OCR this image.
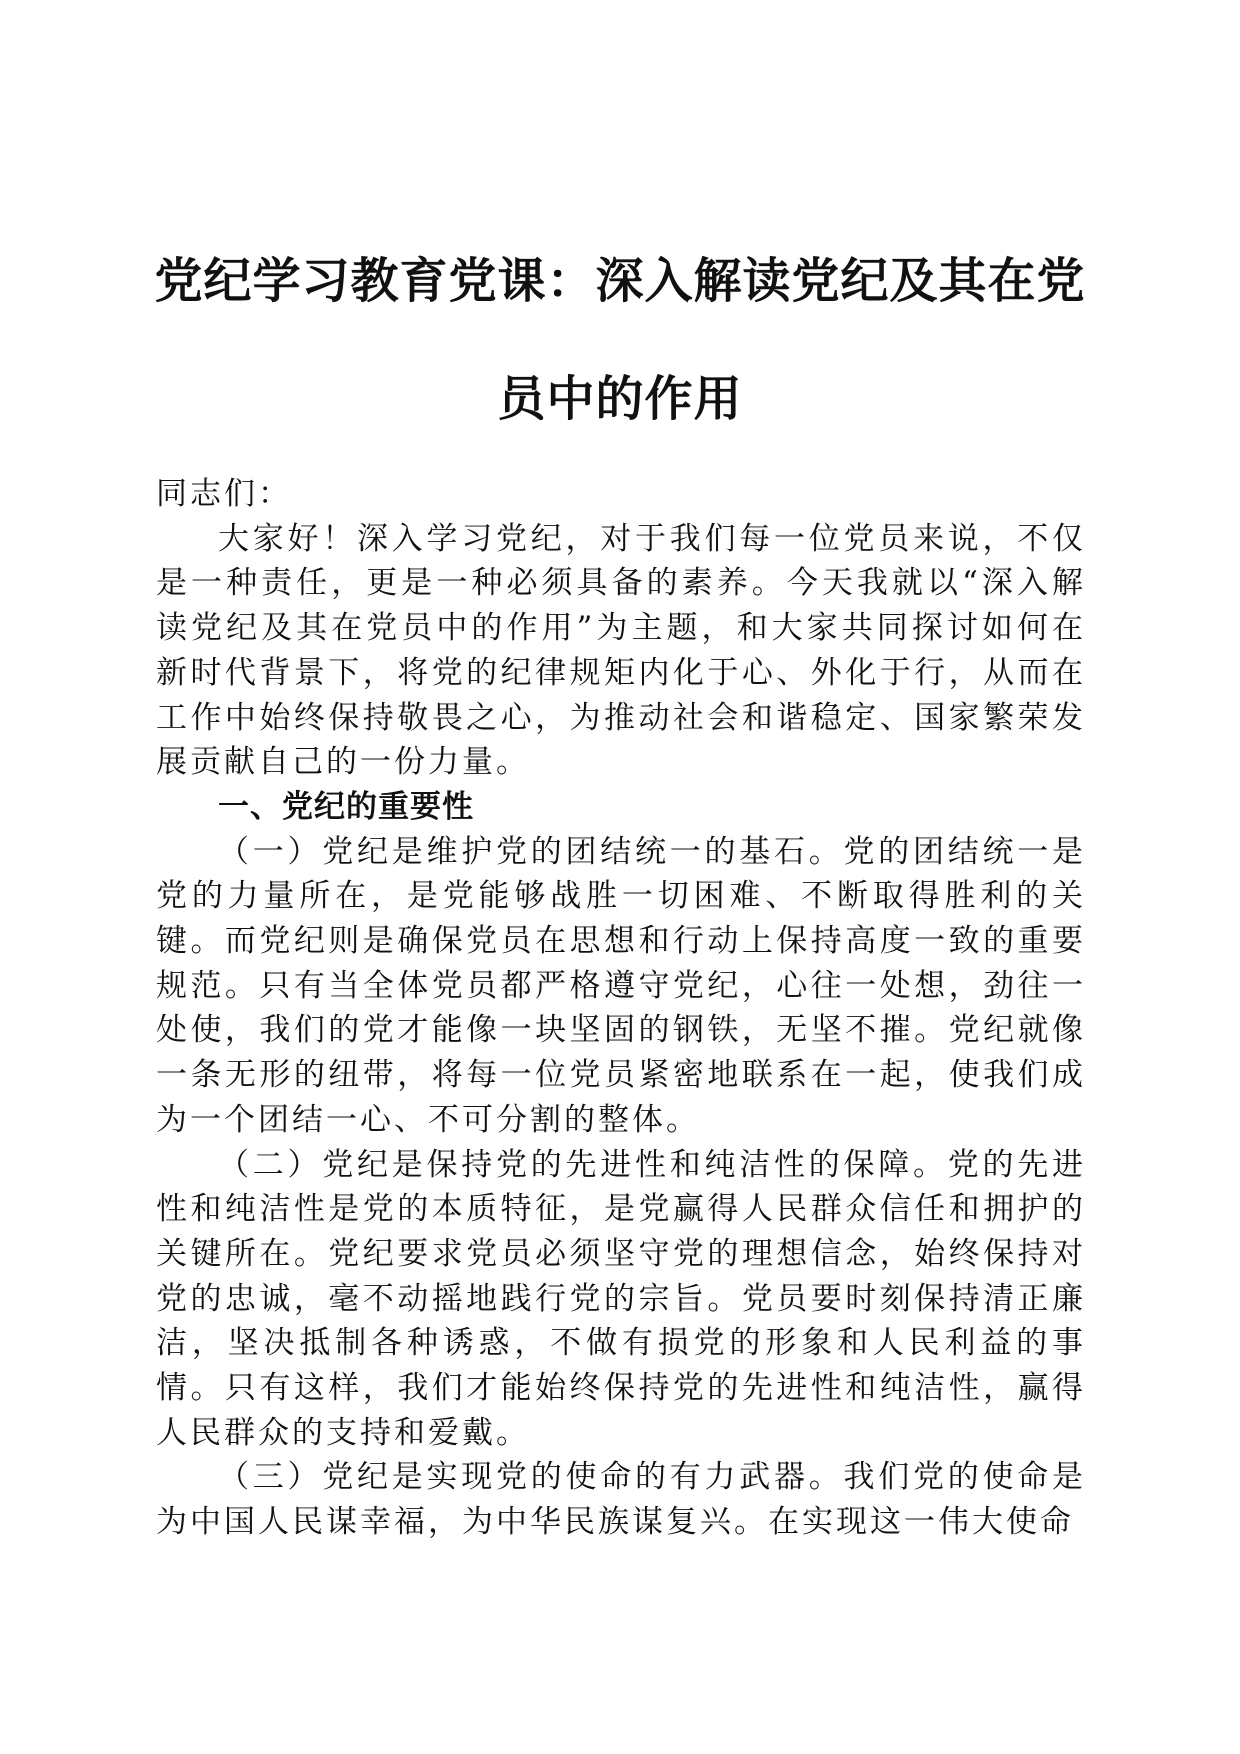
党纪学习教育党课：深入解读党纪及其在党员中的作用

同志们：

大家好！深入学习党纪，对于我们每一位党员来说，不仅是一种责任，更是一种必须具备的素养。今天我就以“深入解读党纪及其在党员中的作用”为主题，和大家共同探讨如何在新时代背景下，将党的纪律规矩内化于心、外化于行，从而在工作中始终保持敬畏之心，为推动社会和谐稳定、国家繁荣发展贡献自己的一份力量。

一、党纪的重要性

（一）党纪是维护党的团结统一的基石。党的团结统一是党的力量所在，是党能够战胜一切困难、不断取得胜利的关键。而党纪则是确保党员在思想和行动上保持高度一致的重要规范。只有当全体党员都严格遵守党纪，心往一处想，劲往一处使，我们的党才能像一块坚固的钢铁，无坚不摧。党纪就像一条无形的纽带，将每一位党员紧密地联系在一起，使我们成为一个团结一心、不可分割的整体。

（二）党纪是保持党的先进性和纯洁性的保障。党的先进性和纯洁性是党的本质特征，是党赢得人民群众信任和拥护的关键所在。党纪要求党员必须坚守党的理想信念，始终保持对党的忠诚，毫不动摇地践行党的宗旨。党员要时刻保持清正廉洁，坚决抵制各种诱惑，不做有损党的形象和人民利益的事情。只有这样，我们才能始终保持党的先进性和纯洁性，赢得人民群众的支持和爱戴。

（三）党纪是实现党的使命的有力武器。我们党的使命是为中国人民谋幸福，为中华民族谋复兴。在实现这一伟大使命
